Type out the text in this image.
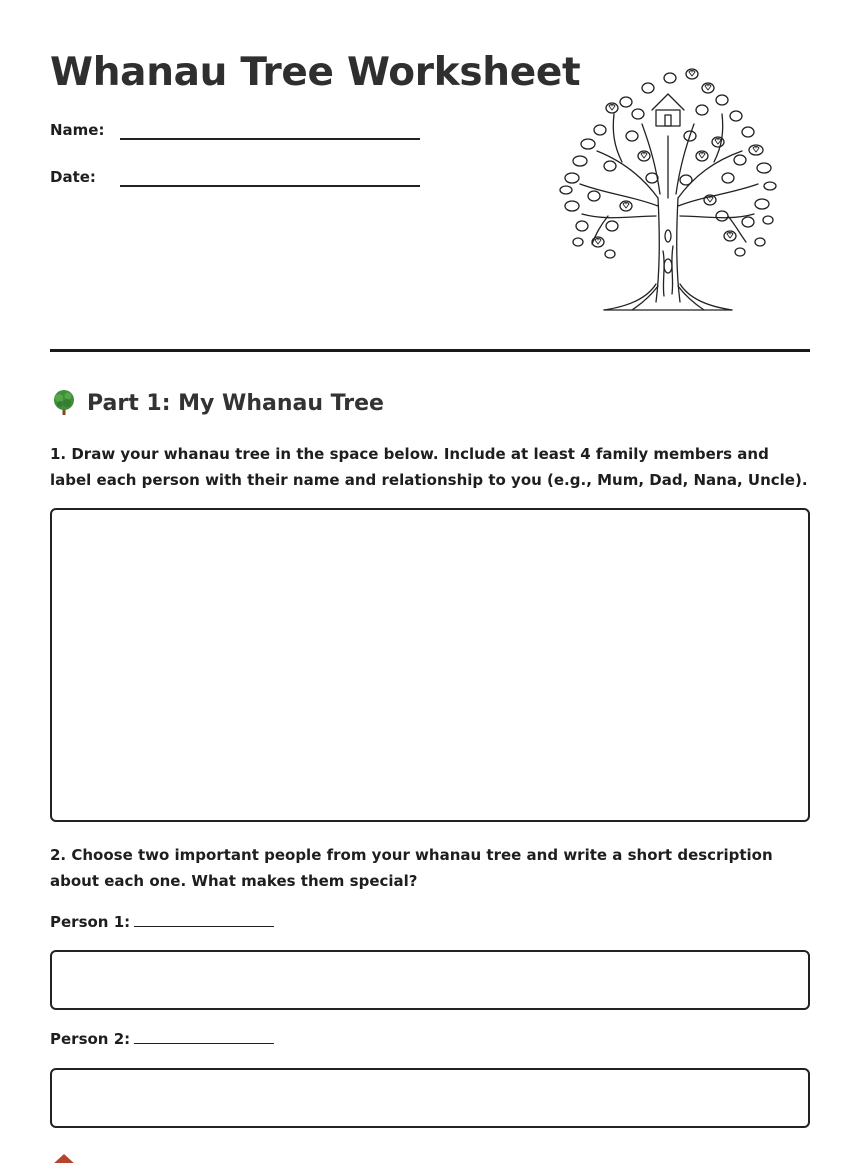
Whanau Tree Worksheet
Name:
Date:
Part 1: My Whanau Tree

1. Draw your whanau tree in the space below. Include at least 4 family members and label each person with their name and relationship to you (e.g., Mum, Dad, Nana, Uncle).

2. Choose two important people from your whanau tree and write a short description about each one. What makes them special?

Person 1:
Person 2:
